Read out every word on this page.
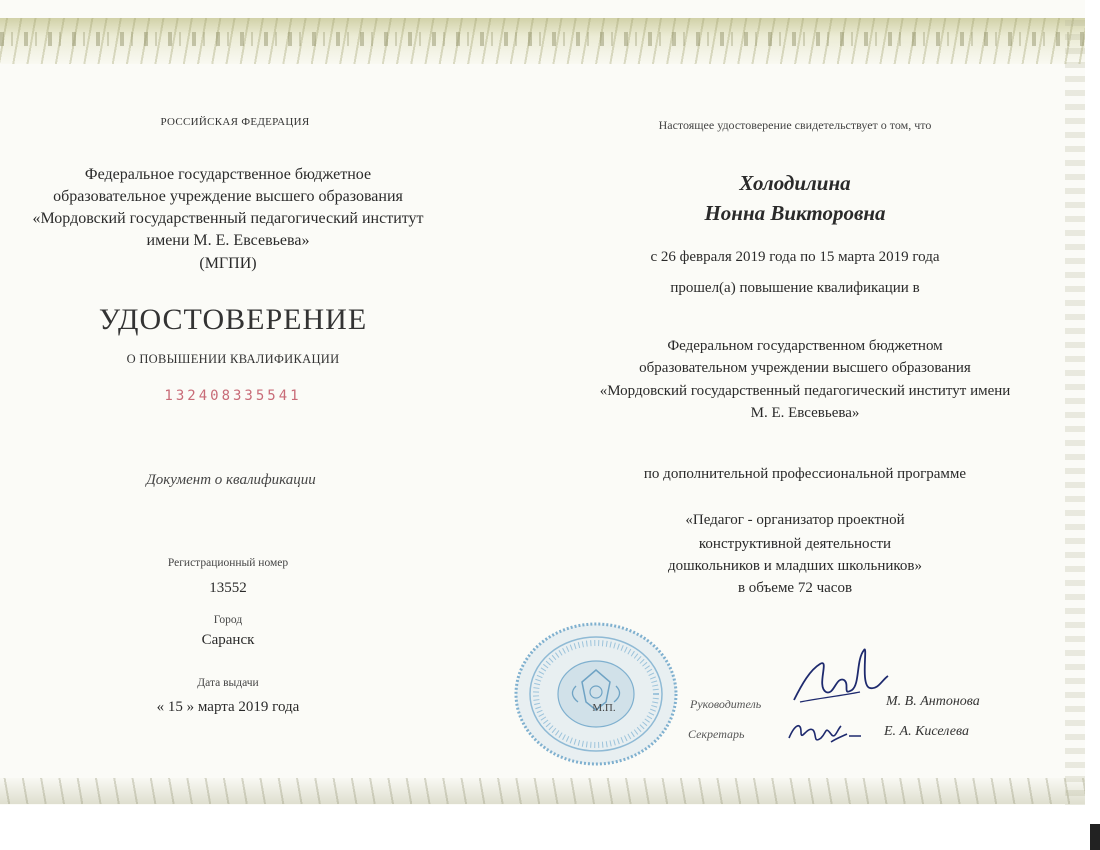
РОССИЙСКАЯ ФЕДЕРАЦИЯ
Федеральное государственное бюджетное
образовательное учреждение высшего образования
«Мордовский государственный педагогический институт
имени М. Е. Евсевьева»
(МГПИ)
УДОСТОВЕРЕНИЕ
О ПОВЫШЕНИИ КВАЛИФИКАЦИИ
132408335541
Документ о квалификации
Регистрационный номер
13552
Город
Саранск
Дата выдачи
« 15 » марта 2019 года
Настоящее удостоверение свидетельствует о том, что
Холодилина
Нонна Викторовна
с 26 февраля 2019 года по 15 марта 2019 года
прошел(а) повышение квалификации в
Федеральном государственном бюджетном
образовательном учреждении высшего образования
«Мордовский государственный педагогический институт имени
М. Е. Евсевьева»
по дополнительной профессиональной программе
«Педагог - организатор проектной
конструктивной деятельности
дошкольников и младших школьников»
в объеме 72 часов
М.П.	Руководитель	М. В. Антонова
Секретарь	Е. А. Киселева
